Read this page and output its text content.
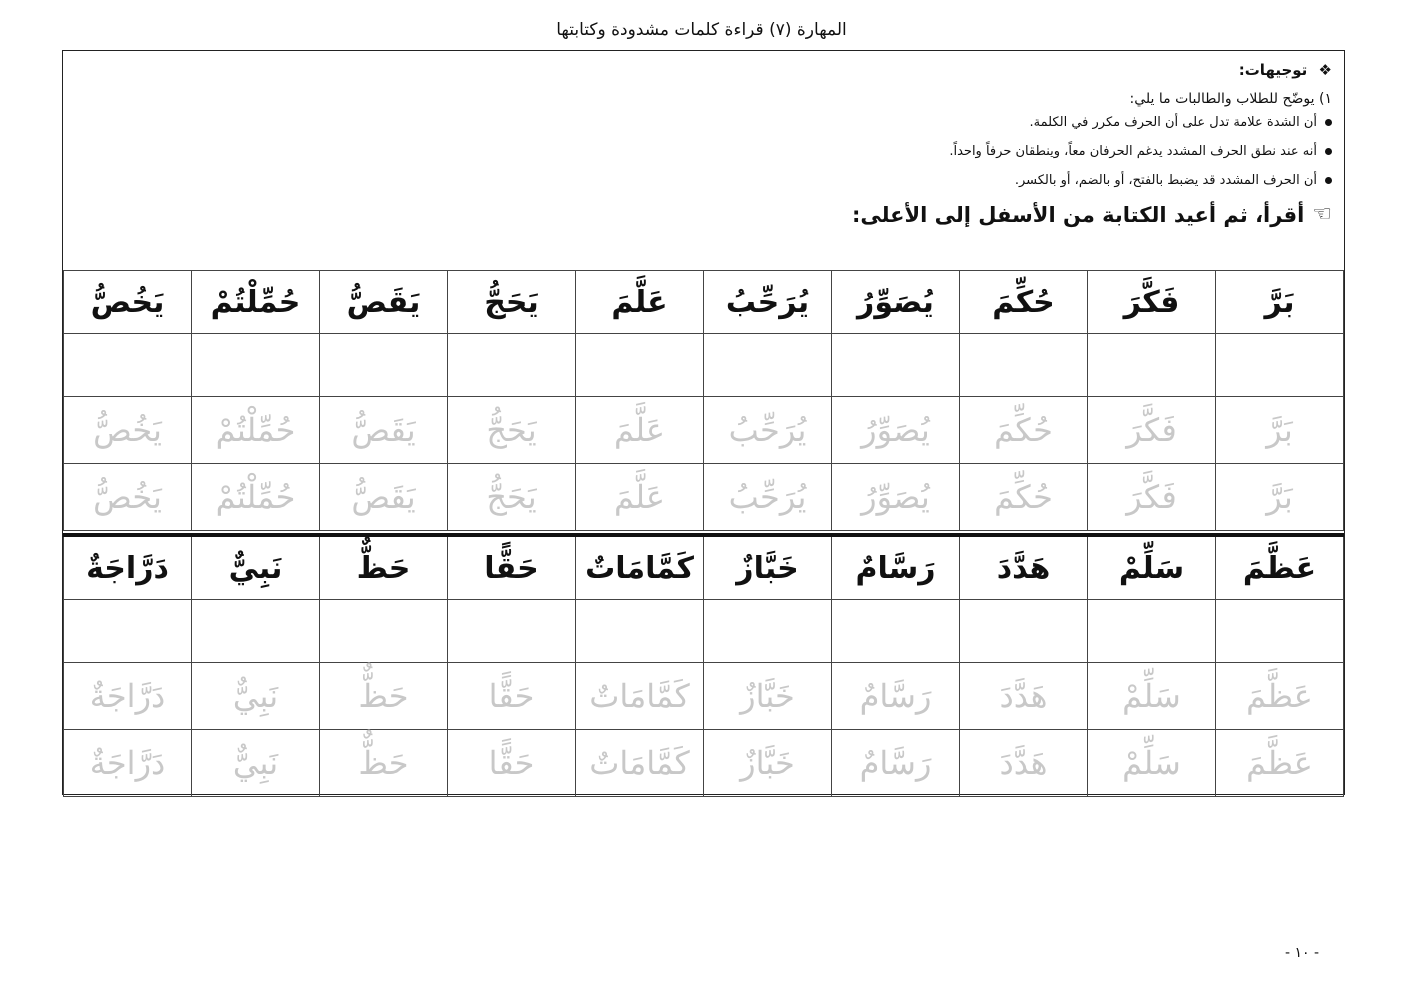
المهارة (٧) قراءة كلمات مشدودة وكتابتها
❖ توجيهات:
١) يوضّح للطلاب والطالبات ما يلي:
أن الشدة علامة تدل على أن الحرف مكرر في الكلمة.
أنه عند نطق الحرف المشدد يدغم الحرفان معاً، وينطقان حرفاً واحداً.
أن الحرف المشدد قد يضبط بالفتح، أو بالضم، أو بالكسر.
☜
أقرأ، ثم أعيد الكتابة من الأسفل إلى الأعلى:
بَرَّ	فَكَّرَ	حُكِّمَ	يُصَوِّرُ	يُرَحِّبُ	عَلَّمَ	يَحَجُّ	يَقَصُّ	حُمِّلْتُمْ	يَخُصُّ

بَرَّ	فَكَّرَ	حُكِّمَ	يُصَوِّرُ	يُرَحِّبُ	عَلَّمَ	يَحَجُّ	يَقَصُّ	حُمِّلْتُمْ	يَخُصُّ
بَرَّ	فَكَّرَ	حُكِّمَ	يُصَوِّرُ	يُرَحِّبُ	عَلَّمَ	يَحَجُّ	يَقَصُّ	حُمِّلْتُمْ	يَخُصُّ
عَظَّمَ	سَلِّمْ	هَدَّدَ	رَسَّامٌ	خَبَّازٌ	كَمَّامَاتٌ	حَقًّا	حَظٌّ	نَبِيٌّ	دَرَّاجَةٌ

عَظَّمَ	سَلِّمْ	هَدَّدَ	رَسَّامٌ	خَبَّازٌ	كَمَّامَاتٌ	حَقًّا	حَظٌّ	نَبِيٌّ	دَرَّاجَةٌ
عَظَّمَ	سَلِّمْ	هَدَّدَ	رَسَّامٌ	خَبَّازٌ	كَمَّامَاتٌ	حَقًّا	حَظٌّ	نَبِيٌّ	دَرَّاجَةٌ
- ١٠ -
